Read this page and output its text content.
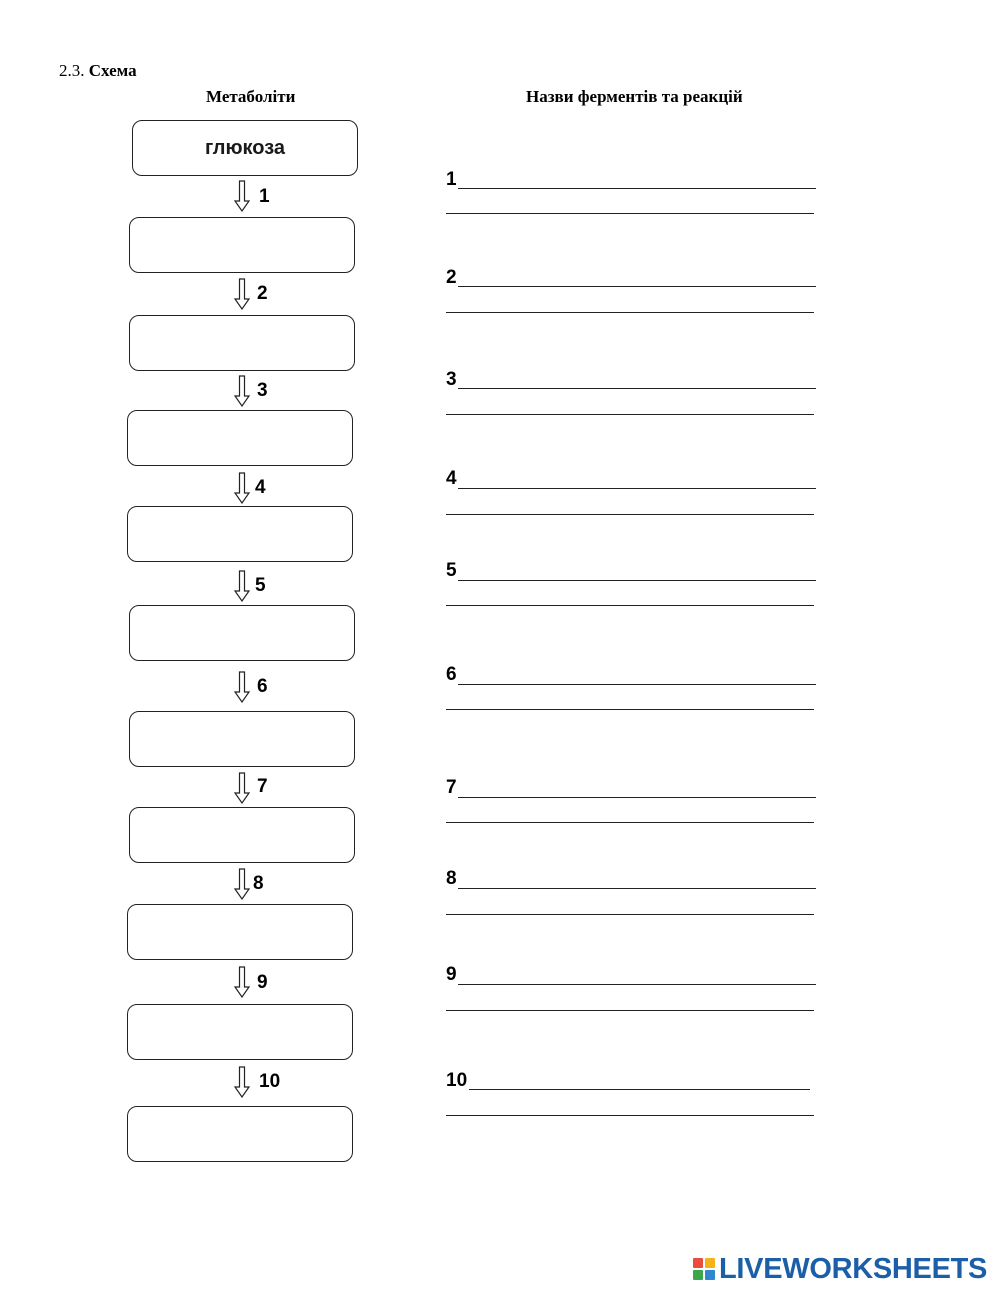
2.3. Схема
Метаболіти	Назви ферментів та реакцій
глюкоза
1
2
3
4
5
6
7
8
9
10
1
2
3
4
5
6
7
8
9
10
LIVEWORKSHEETS
